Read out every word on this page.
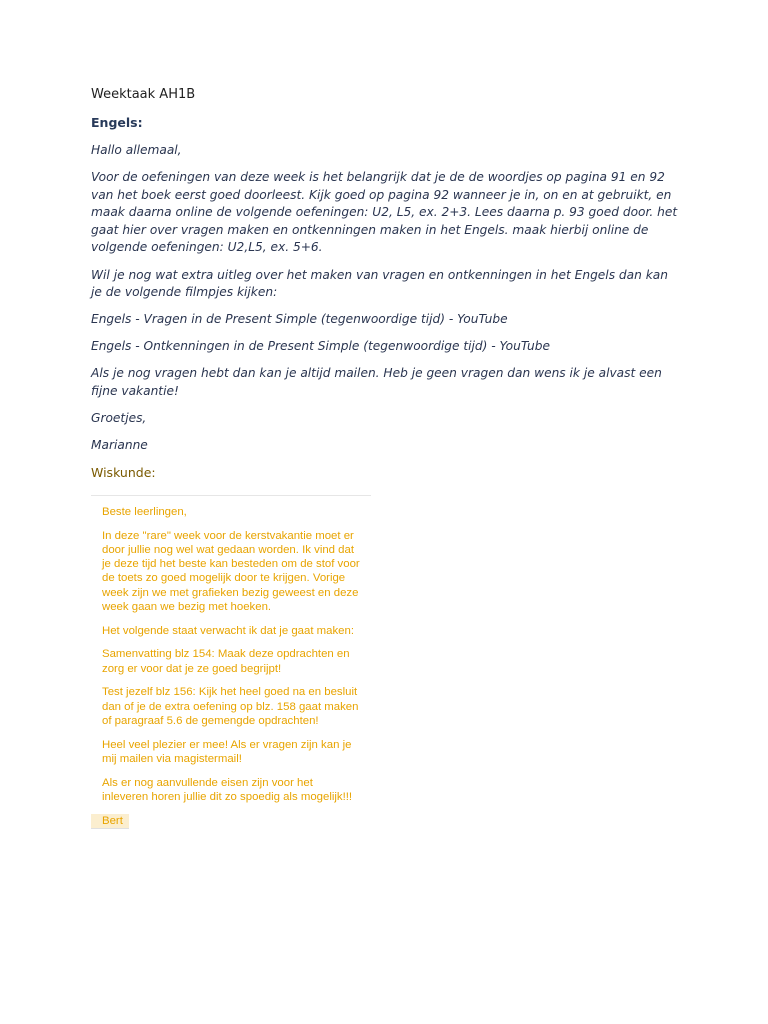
Weektaak AH1B
Engels:
Hallo allemaal,
Voor de oefeningen van deze week is het belangrijk dat je de de woordjes op pagina 91 en 92 van het boek eerst goed doorleest. Kijk goed op pagina 92 wanneer je in, on en at gebruikt, en maak daarna online de volgende oefeningen: U2, L5, ex. 2+3. Lees daarna p. 93 goed door. het gaat hier over vragen maken en ontkenningen maken in het Engels. maak hierbij online de volgende oefeningen: U2,L5, ex. 5+6.
Wil je nog wat extra uitleg over het maken van vragen en ontkenningen in het Engels dan kan je de volgende filmpjes kijken:
Engels - Vragen in de Present Simple (tegenwoordige tijd) - YouTube
Engels - Ontkenningen in de Present Simple (tegenwoordige tijd) - YouTube
Als je nog vragen hebt dan kan je altijd mailen. Heb je geen vragen dan wens ik je alvast een fijne vakantie!
Groetjes,
Marianne
Wiskunde:
Beste leerlingen,
In deze "rare" week voor de kerstvakantie moet er door jullie nog wel wat gedaan worden. Ik vind dat je deze tijd het beste kan besteden om de stof voor de toets zo goed mogelijk door te krijgen. Vorige week zijn we met grafieken bezig geweest en deze week gaan we bezig met hoeken.
Het volgende staat verwacht ik dat je gaat maken:
Samenvatting blz 154: Maak deze opdrachten en zorg er voor dat je ze goed begrijpt!
Test jezelf blz 156: Kijk het heel goed na en besluit dan of je de extra oefening op blz. 158 gaat maken of paragraaf 5.6 de gemengde opdrachten!
Heel veel plezier er mee! Als er vragen zijn kan je mij mailen via magistermail!
Als er nog aanvullende eisen zijn voor het inleveren horen jullie dit zo spoedig als mogelijk!!!
Bert
